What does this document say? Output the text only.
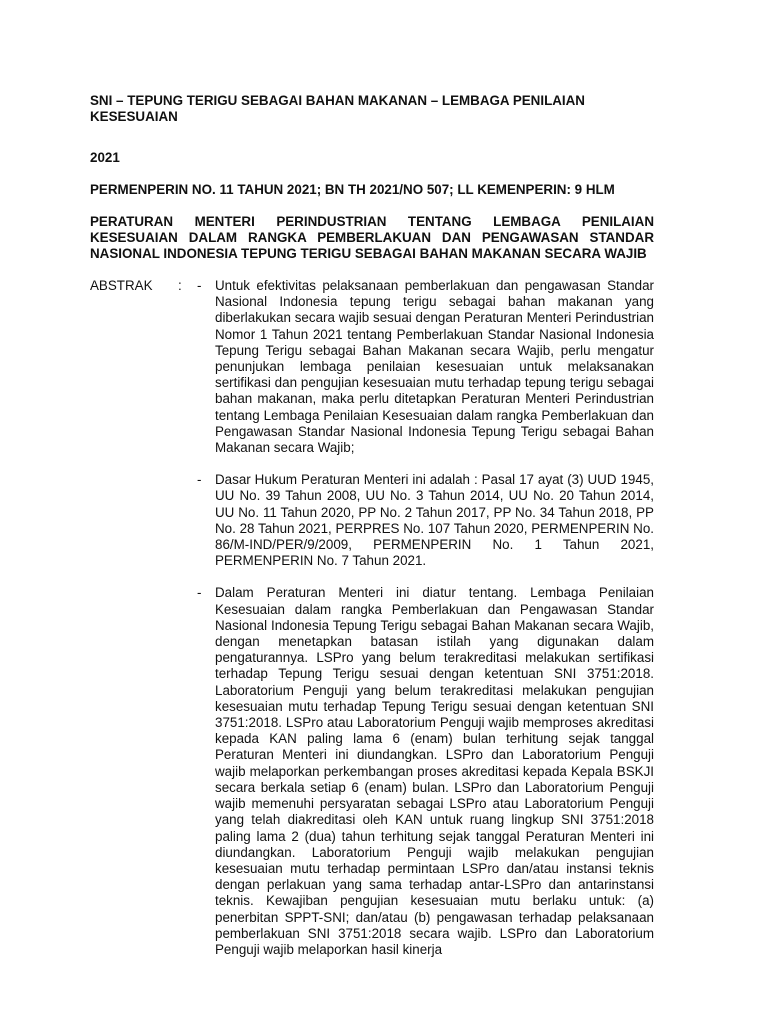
SNI – TEPUNG TERIGU SEBAGAI BAHAN MAKANAN – LEMBAGA PENILAIAN KESESUAIAN

2021

PERMENPERIN NO. 11 TAHUN 2021; BN TH 2021/NO 507; LL KEMENPERIN: 9 HLM

PERATURAN MENTERI PERINDUSTRIAN TENTANG LEMBAGA PENILAIAN KESESUAIAN DALAM RANGKA PEMBERLAKUAN DAN PENGAWASAN STANDAR NASIONAL INDONESIA TEPUNG TERIGU SEBAGAI BAHAN MAKANAN SECARA WAJIB

ABSTRAK : - Untuk efektivitas pelaksanaan pemberlakuan dan pengawasan Standar Nasional Indonesia tepung terigu sebagai bahan makanan yang diberlakukan secara wajib sesuai dengan Peraturan Menteri Perindustrian Nomor 1 Tahun 2021 tentang Pemberlakuan Standar Nasional Indonesia Tepung Terigu sebagai Bahan Makanan secara Wajib, perlu mengatur penunjukan lembaga penilaian kesesuaian untuk melaksanakan sertifikasi dan pengujian kesesuaian mutu terhadap tepung terigu sebagai bahan makanan, maka perlu ditetapkan Peraturan Menteri Perindustrian tentang Lembaga Penilaian Kesesuaian dalam rangka Pemberlakuan dan Pengawasan Standar Nasional Indonesia Tepung Terigu sebagai Bahan Makanan secara Wajib;

- Dasar Hukum Peraturan Menteri ini adalah : Pasal 17 ayat (3) UUD 1945, UU No. 39 Tahun 2008, UU No. 3 Tahun 2014, UU No. 20 Tahun 2014, UU No. 11 Tahun 2020, PP No. 2 Tahun 2017, PP No. 34 Tahun 2018, PP No. 28 Tahun 2021, PERPRES No. 107 Tahun 2020, PERMENPERIN No. 86/M-IND/PER/9/2009, PERMENPERIN No. 1 Tahun 2021, PERMENPERIN No. 7 Tahun 2021.

- Dalam Peraturan Menteri ini diatur tentang. Lembaga Penilaian Kesesuaian dalam rangka Pemberlakuan dan Pengawasan Standar Nasional Indonesia Tepung Terigu sebagai Bahan Makanan secara Wajib, dengan menetapkan batasan istilah yang digunakan dalam pengaturannya. LSPro yang belum terakreditasi melakukan sertifikasi terhadap Tepung Terigu sesuai dengan ketentuan SNI 3751:2018. Laboratorium Penguji yang belum terakreditasi melakukan pengujian kesesuaian mutu terhadap Tepung Terigu sesuai dengan ketentuan SNI 3751:2018. LSPro atau Laboratorium Penguji wajib memproses akreditasi kepada KAN paling lama 6 (enam) bulan terhitung sejak tanggal Peraturan Menteri ini diundangkan. LSPro dan Laboratorium Penguji wajib melaporkan perkembangan proses akreditasi kepada Kepala BSKJI secara berkala setiap 6 (enam) bulan. LSPro dan Laboratorium Penguji wajib memenuhi persyaratan sebagai LSPro atau Laboratorium Penguji yang telah diakreditasi oleh KAN untuk ruang lingkup SNI 3751:2018 paling lama 2 (dua) tahun terhitung sejak tanggal Peraturan Menteri ini diundangkan. Laboratorium Penguji wajib melakukan pengujian kesesuaian mutu terhadap permintaan LSPro dan/atau instansi teknis dengan perlakuan yang sama terhadap antar-LSPro dan antarinstansi teknis. Kewajiban pengujian kesesuaian mutu berlaku untuk: (a) penerbitan SPPT-SNI; dan/atau (b) pengawasan terhadap pelaksanaan pemberlakuan SNI 3751:2018 secara wajib. LSPro dan Laboratorium Penguji wajib melaporkan hasil kinerja
